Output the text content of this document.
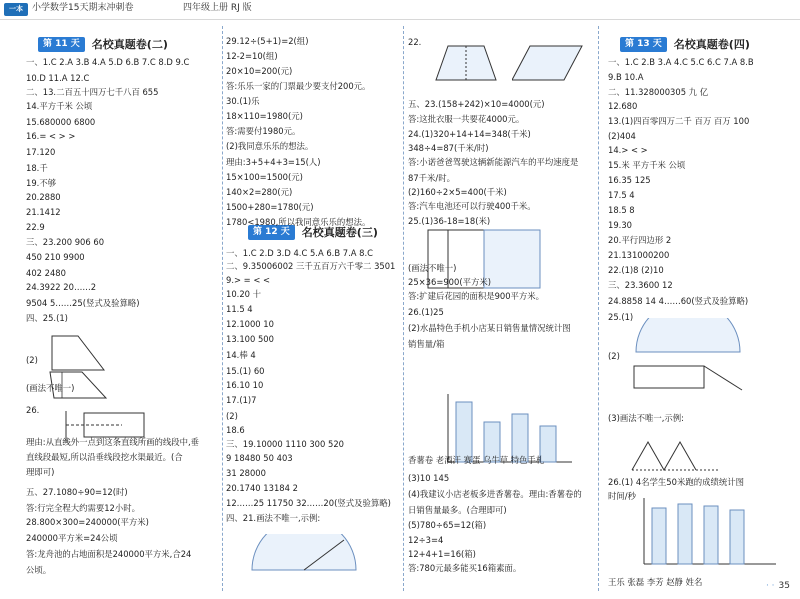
一本	小学数学15天期末冲刺卷	四年级上册 RJ 版
第 11 天	名校真题卷(二)
一、1.C 2.A 3.B 4.A 5.D 6.B 7.C 8.D 9.C
10.D 11.A 12.C
二、13.二百五十四万七千八百 655
14.平方千米 公顷
15.680000 6800
16.= < > >
17.120
18.千
19.不够
20.2880
21.1412
22.9
三、23.200 906 60
450 210 9900
402 2480
24.3922 20……2
9504 5……25(竖式及验算略)
四、25.(1)
(2)
(画法不唯一)
26.
理由:从直线外一点到这条直线所画的线段中,垂
直线段最短,所以沿垂线段挖水渠最近。(合
理即可)
五、27.1080÷90=12(时)
答:行完全程大约需要12小时。
28.800×300=240000(平方米)
240000平方米=24公顷
答:龙舟池的占地面积是240000平方米,合24
公顷。
第 12 天	名校真题卷(三)
29.12÷(5+1)=2(组)
12-2=10(组)
20×10=200(元)
答:乐乐一家的门票最少要支付200元。
30.(1)乐
18×110=1980(元)
答:需要付1980元。
(2)我同意乐乐的想法。
理由:3+5+4+3=15(人)
15×100=1500(元)
140×2=280(元)
1500+280=1780(元)
1780<1980,所以我同意乐乐的想法。
一、1.C 2.D 3.D 4.C 5.A 6.B 7.A 8.C
二、9.35006002 三千五百万六千零二 3501
9.> = < <
10.20 十
11.5 4
12.1000 10
13.100 500
14.棒 4
15.(1) 60
16.10 10
17.(1)7
(2)
18.6
三、19.10000 1110 300 520
9 18480 50 403
31 28000
20.1740 13184 2
12……25 11750 32……20(竖式及验算略)
四、21.画法不唯一,示例:
22.
五、23.(158+242)×10=4000(元)
答:这批衣服一共要花4000元。
24.(1)320+14+14=348(千米)
348÷4=87(千米/时)
答:小诺爸爸驾驶这辆新能源汽车的平均速度是
87千米/时。
(2)160÷2×5=400(千米)
答:汽车电池还可以行驶400千米。
25.(1)36-18=18(米)
(画法不唯一)
25×36=900(平方米)
答:扩建后花园的面积是900平方米。
26.(1)25
(2)水晶特色手机小店某日销售量情况统计图
销售量/箱
香薯卷 老酒汗 赛蛋 乌牛草 特色手札
(3)10 145
(4)我建议小店老板多进香薯卷。理由:香薯卷的
日销售量最多。(合理即可)
(5)780÷65=12(箱)
12÷3=4
12+4+1=16(箱)
答:780元最多能买16箱素面。
第 13 天	名校真题卷(四)
一、1.C 2.B 3.A 4.C 5.C 6.C 7.A 8.B
9.B 10.A
二、11.328000305 九 亿
12.680
13.(1)四百零四万二千 百万 百万 100
(2)404
14.> < >
15.米 平方千米 公顷
16.35 125
17.5 4
18.5 8
19.30
20.平行四边形 2
21.131000200
22.(1)8 (2)10
三、23.3600 12
24.8858 14 4……60(竖式及验算略)
25.(1)
(2)
(3)画法不唯一,示例:
26.(1) 4名学生50米跑的成绩统计图
时间/秒
王乐 张磊 李芳 赵静 姓名	· · 35
